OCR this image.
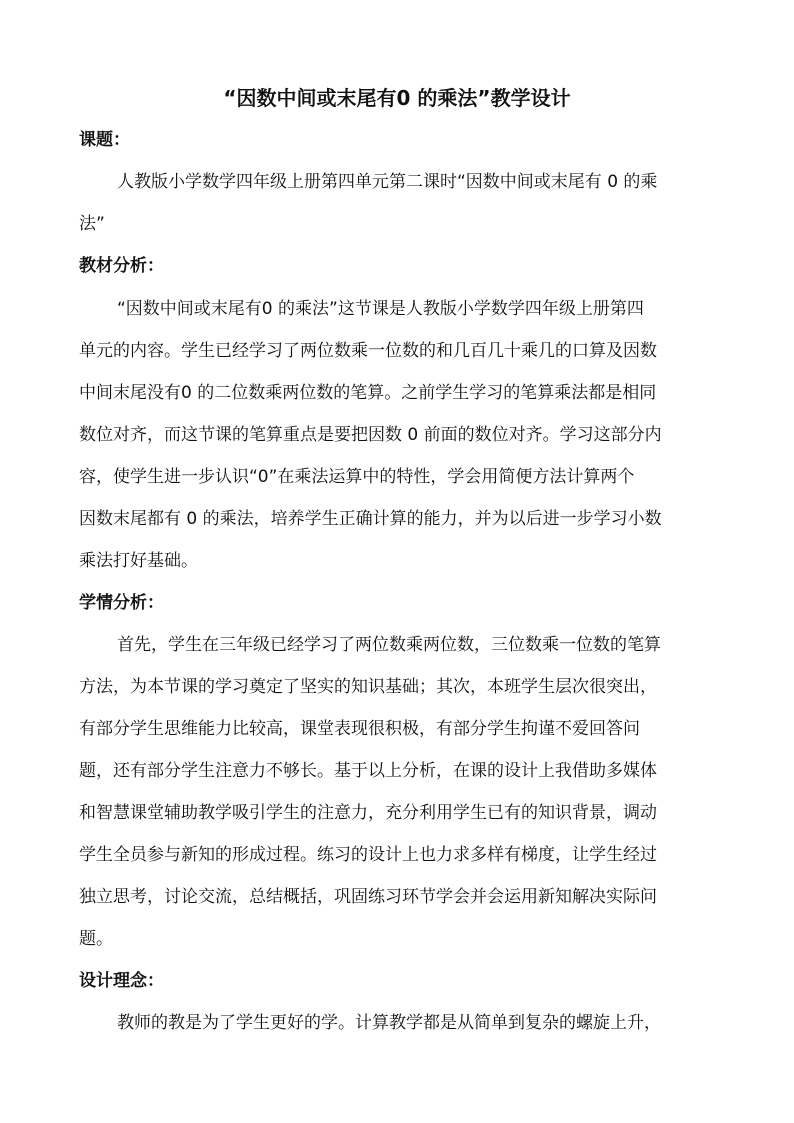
“因数中间或末尾有0 的乘法”教学设计
课题：
人教版小学数学四年级上册第四单元第二课时“因数中间或末尾有 0 的乘
法”
教材分析：
“因数中间或末尾有0 的乘法”这节课是人教版小学数学四年级上册第四
单元的内容。学生已经学习了两位数乘一位数的和几百几十乘几的口算及因数
中间末尾没有0 的二位数乘两位数的笔算。之前学生学习的笔算乘法都是相同
数位对齐，而这节课的笔算重点是要把因数 0 前面的数位对齐。学习这部分内
容，使学生进一步认识“0”在乘法运算中的特性，学会用简便方法计算两个
因数末尾都有 0 的乘法，培养学生正确计算的能力，并为以后进一步学习小数
乘法打好基础。
学情分析：
首先，学生在三年级已经学习了两位数乘两位数，三位数乘一位数的笔算
方法，为本节课的学习奠定了坚实的知识基础；其次，本班学生层次很突出，
有部分学生思维能力比较高，课堂表现很积极，有部分学生拘谨不爱回答问
题，还有部分学生注意力不够长。基于以上分析，在课的设计上我借助多媒体
和智慧课堂辅助教学吸引学生的注意力，充分利用学生已有的知识背景，调动
学生全员参与新知的形成过程。练习的设计上也力求多样有梯度，让学生经过
独立思考，讨论交流，总结概括，巩固练习环节学会并会运用新知解决实际问
题。
设计理念：
教师的教是为了学生更好的学。计算教学都是从简单到复杂的螺旋上升，
